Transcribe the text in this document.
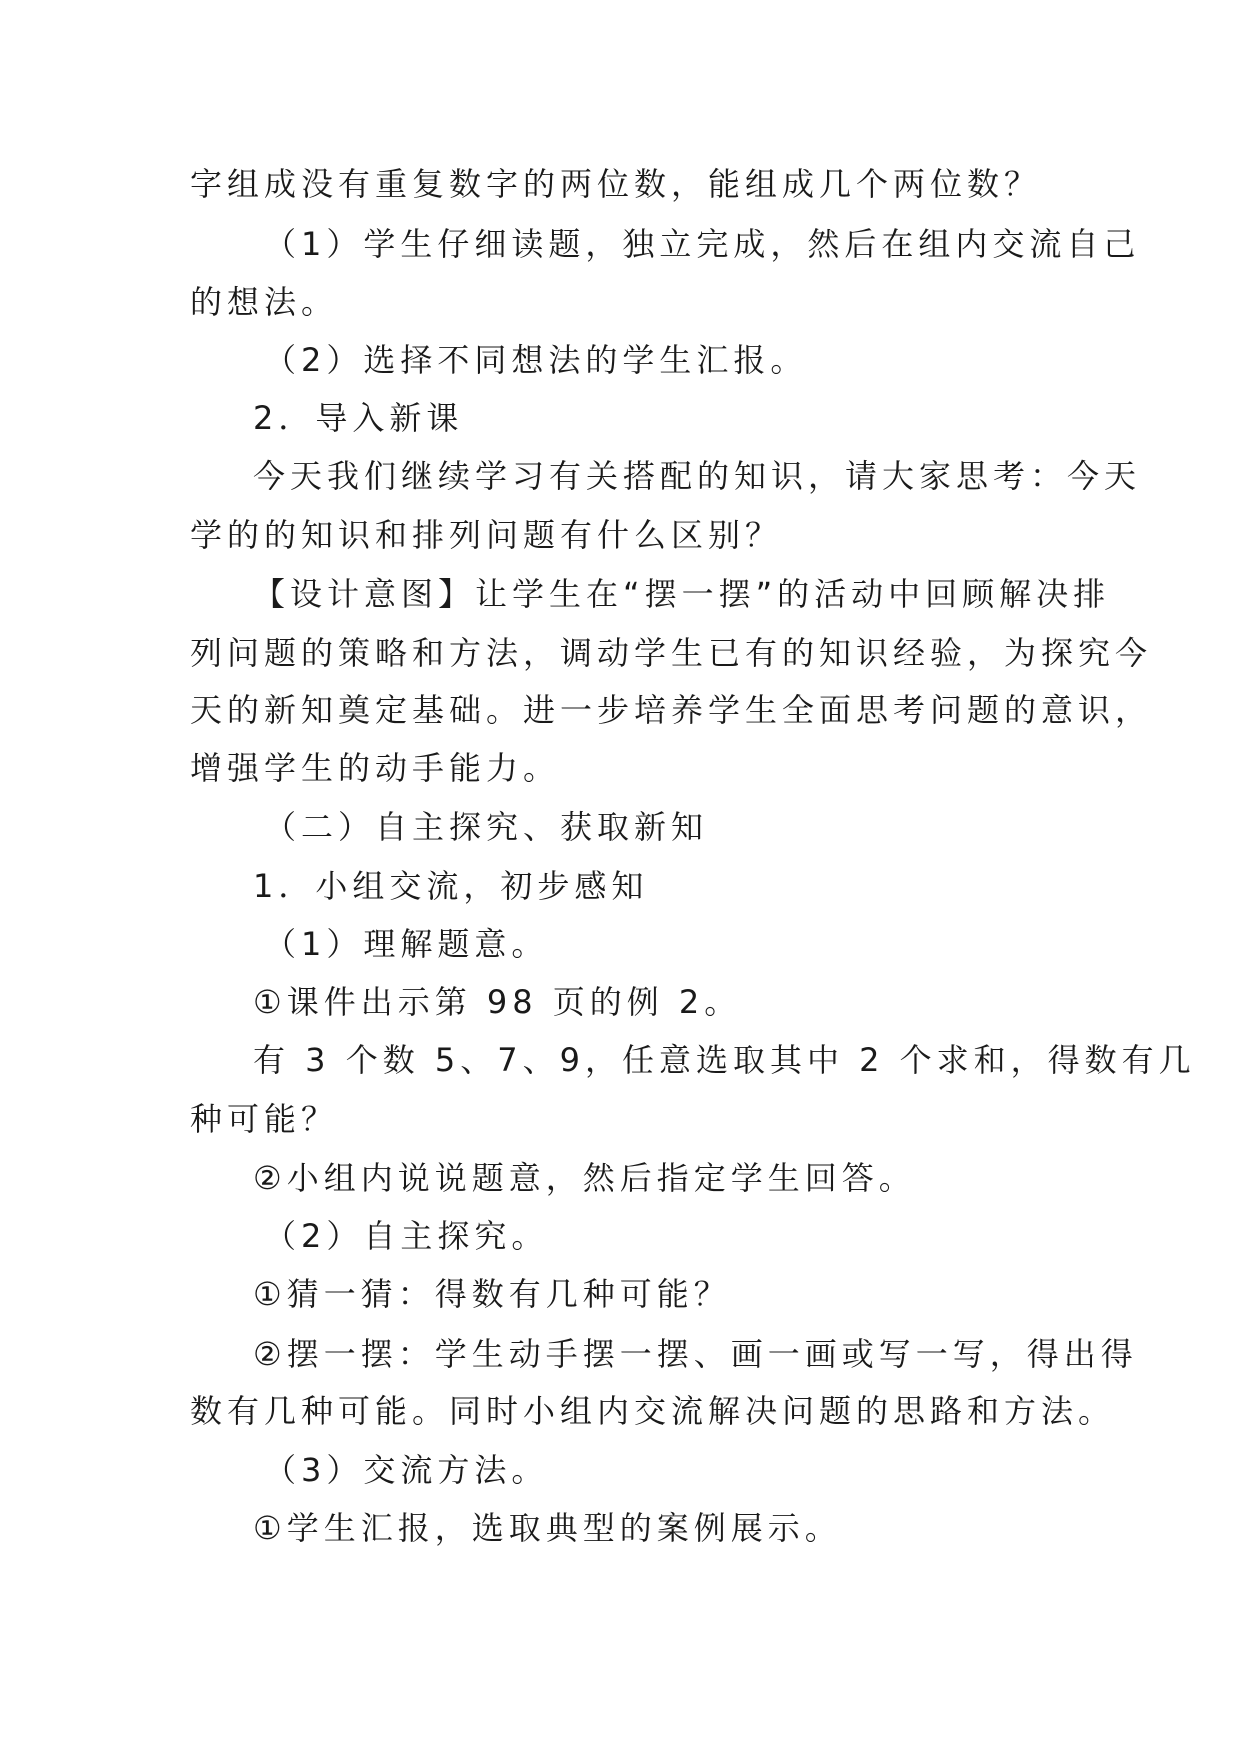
字组成没有重复数字的两位数，能组成几个两位数？
（1）学生仔细读题，独立完成，然后在组内交流自己
的想法。
（2）选择不同想法的学生汇报。
2．导入新课
今天我们继续学习有关搭配的知识，请大家思考：今天
学的的知识和排列问题有什么区别？
【设计意图】让学生在“摆一摆”的活动中回顾解决排
列问题的策略和方法，调动学生已有的知识经验，为探究今
天的新知奠定基础。进一步培养学生全面思考问题的意识，
增强学生的动手能力。
（二）自主探究、获取新知
1．小组交流，初步感知
（1）理解题意。
①课件出示第 98 页的例 2。
有 3 个数 5、7、9，任意选取其中 2 个求和，得数有几
种可能？
②小组内说说题意，然后指定学生回答。
（2）自主探究。
①猜一猜：得数有几种可能？
②摆一摆：学生动手摆一摆、画一画或写一写，得出得
数有几种可能。同时小组内交流解决问题的思路和方法。
（3）交流方法。
①学生汇报，选取典型的案例展示。
